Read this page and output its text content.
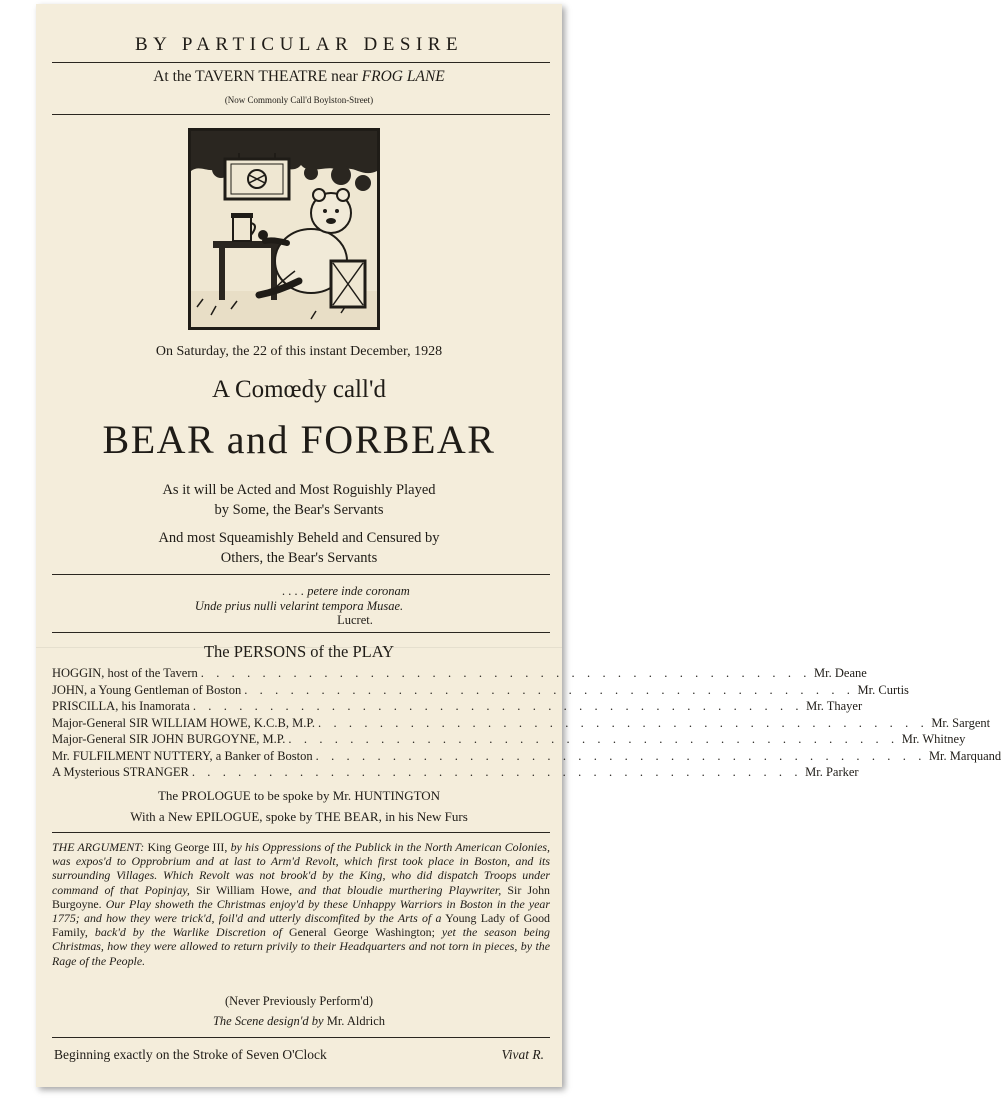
BY PARTICULAR DESIRE
At the TAVERN THEATRE near FROG LANE
(Now Commonly Call'd Boylston-Street)
On Saturday, the 22 of this instant December, 1928
A Comœdy call'd
BEAR and FORBEAR
As it will be Acted and Most Roguishly Played
by Some, the Bear's Servants
And most Squeamishly Beheld and Censured by
Others, the Bear's Servants
. . . . petere inde coronam
Unde prius nulli velarint tempora Musae.
Lucret.
The PERSONS of the PLAY
HOGGIN, host of the Tavern . . . . . . . . . . . . . . . . . . . . . . . . . . . . . . . . . . . . . . . . Mr. Deane
JOHN, a Young Gentleman of Boston . . . . . . . . . . . . . . . . . . . . . . . . . . . . . . . . . . . . . . . . Mr. Curtis
PRISCILLA, his Inamorata . . . . . . . . . . . . . . . . . . . . . . . . . . . . . . . . . . . . . . . . Mr. Thayer
Major-General SIR WILLIAM HOWE, K.C.B, M.P. . . . . . . . . . . . . . . . . . . . . . . . . . . . . . . . . . . . . . . . . Mr. Sargent
Major-General SIR JOHN BURGOYNE, M.P. . . . . . . . . . . . . . . . . . . . . . . . . . . . . . . . . . . . . . . . . Mr. Whitney
Mr. FULFILMENT NUTTERY, a Banker of Boston . . . . . . . . . . . . . . . . . . . . . . . . . . . . . . . . . . . . . . . . Mr. Marquand
A Mysterious STRANGER . . . . . . . . . . . . . . . . . . . . . . . . . . . . . . . . . . . . . . . . Mr. Parker
The PROLOGUE to be spoke by Mr. HUNTINGTON
With a New EPILOGUE, spoke by THE BEAR, in his New Furs
THE ARGUMENT: King George III, by his Oppressions of the Publick in the North American Colonies, was expos'd to Opprobrium and at last to Arm'd Revolt, which first took place in Boston, and its surrounding Villages. Which Revolt was not brook'd by the King, who did dispatch Troops under command of that Popinjay, Sir William Howe, and that bloudie murthering Playwriter, Sir John Burgoyne. Our Play showeth the Christmas enjoy'd by these Unhappy Warriors in Boston in the year 1775; and how they were trick'd, foil'd and utterly discomfited by the Arts of a Young Lady of Good Family, back'd by the Warlike Discretion of General George Washington; yet the season being Christmas, how they were allowed to return privily to their Headquarters and not torn in pieces, by the Rage of the People.
(Never Previously Perform'd)
The Scene design'd by Mr. Aldrich
Beginning exactly on the Stroke of Seven O'Clock	Vivat R.
